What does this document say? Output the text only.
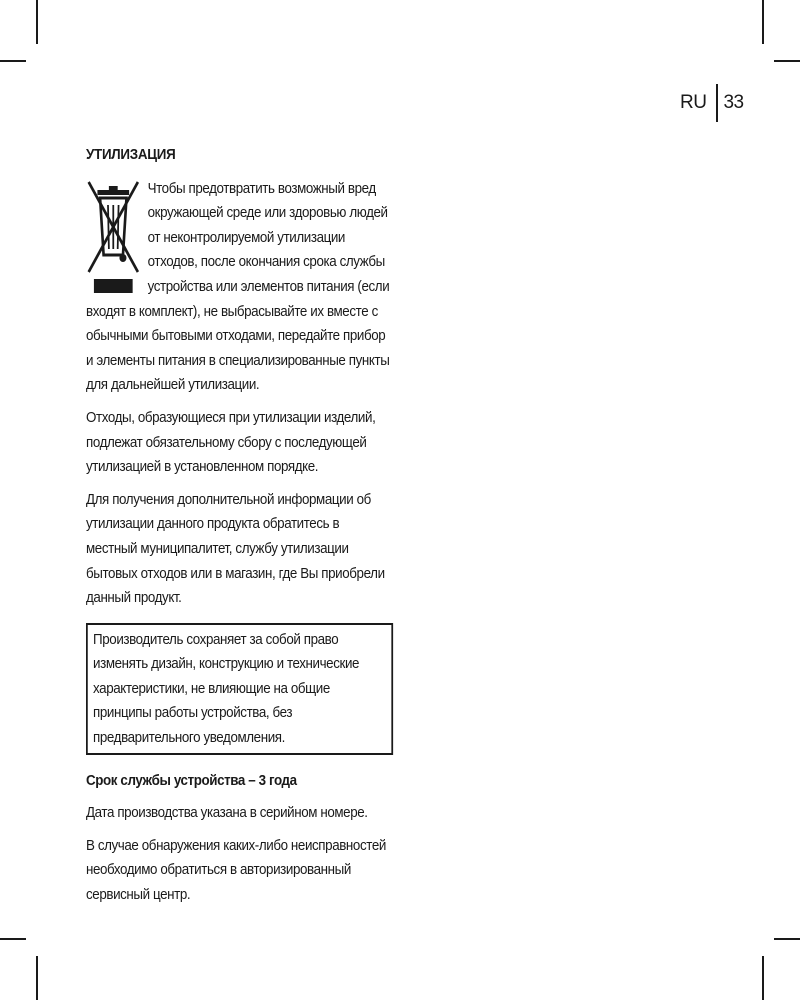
RU 33
УТИЛИЗАЦИЯ
Чтобы предотвратить возможный вред окружающей среде или здоровью людей от неконтролируемой утилизации отходов, после окончания срока службы устройства или элементов питания (если входят в комплект), не выбрасывайте их вместе с обычными бытовыми отходами, передайте прибор и элементы питания в специализированные пункты для дальнейшей утилизации.
Отходы, образующиеся при утилизации изделий, подлежат обязательному сбору с последующей утилизацией в установленном порядке.
Для получения дополнительной информации об утилизации данного продукта обратитесь в местный муниципалитет, службу утилизации бытовых отходов или в магазин, где Вы приобрели данный продукт.
Производитель сохраняет за собой право изменять дизайн, конструкцию и технические характеристики, не влияющие на общие принципы работы устройства, без предварительного уведомления.
Срок службы устройства – 3 года
Дата производства указана в серийном номере.
В случае обнаружения каких-либо неисправностей необходимо обратиться в авторизированный сервисный центр.
